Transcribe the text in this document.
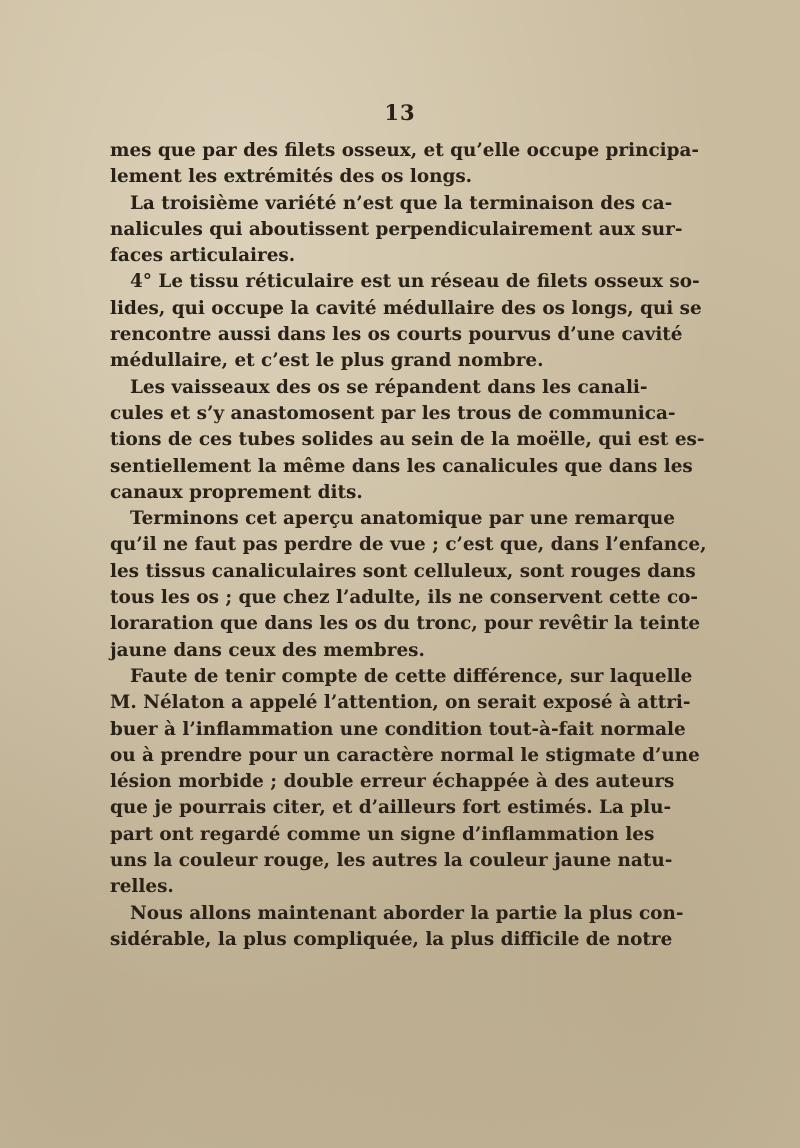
13
mes que par des filets osseux, et qu’elle occupe principa-
lement les extrémités des os longs.
La troisième variété n’est que la terminaison des ca-
nalicules qui aboutissent perpendiculairement aux sur-
faces articulaires.
4° Le tissu réticulaire est un réseau de filets osseux so-
lides, qui occupe la cavité médullaire des os longs, qui se
rencontre aussi dans les os courts pourvus d’une cavité
médullaire, et c’est le plus grand nombre.
Les vaisseaux des os se répandent dans les canali-
cules et s’y anastomosent par les trous de communica-
tions de ces tubes solides au sein de la moëlle, qui est es-
sentiellement la même dans les canalicules que dans les
canaux proprement dits.
Terminons cet aperçu anatomique par une remarque
qu’il ne faut pas perdre de vue ; c’est que, dans l’enfance,
les tissus canaliculaires sont celluleux, sont rouges dans
tous les os ; que chez l’adulte, ils ne conservent cette co-
loraration que dans les os du tronc, pour revêtir la teinte
jaune dans ceux des membres.
Faute de tenir compte de cette différence, sur laquelle
M. Nélaton a appelé l’attention, on serait exposé à attri-
buer à l’inflammation une condition tout-à-fait normale
ou à prendre pour un caractère normal le stigmate d’une
lésion morbide ; double erreur échappée à des auteurs
que je pourrais citer, et d’ailleurs fort estimés. La plu-
part ont regardé comme un signe d’inflammation les
uns la couleur rouge, les autres la couleur jaune natu-
relles.
Nous allons maintenant aborder la partie la plus con-
sidérable, la plus compliquée, la plus difficile de notre
